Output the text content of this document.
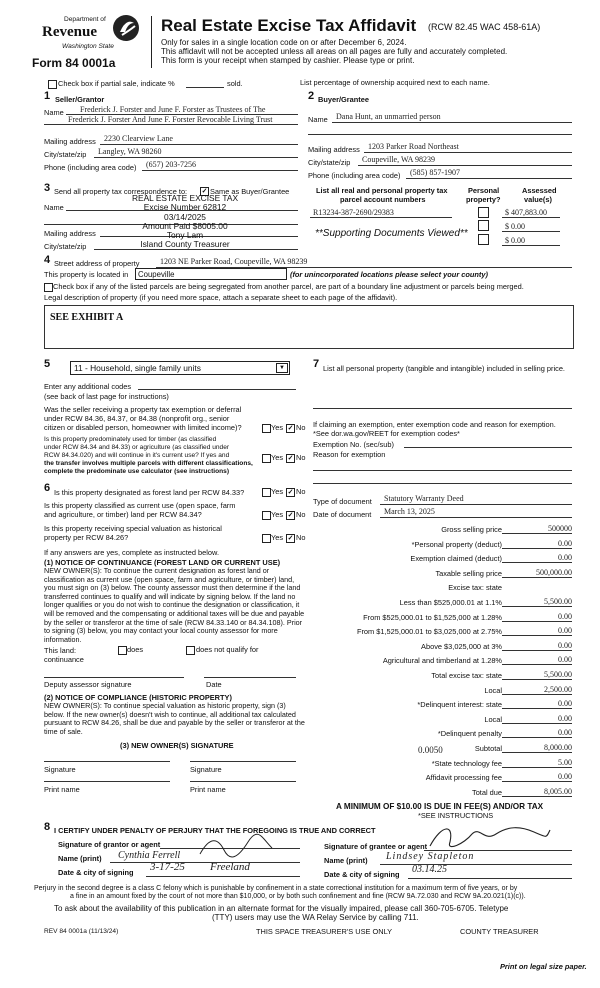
Department of
Revenue
Washington State
Form 84 0001a
Real Estate Excise Tax Affidavit (RCW 82.45 WAC 458-61A)
Only for sales in a single location code on or after December 6, 2024.
This affidavit will not be accepted unless all areas on all pages are fully and accurately completed.
This form is your receipt when stamped by cashier. Please type or print.
Check box if partial sale, indicate %	sold.	List percentage of ownership acquired next to each name.
1 Seller/Grantor
Name Frederick J. Forster and June F. Forster as Trustees of The
Frederick J. Forster And June F. Forster Revocable Living Trust
Mailing address 2230 Clearview Lane
City/state/zip Langley, WA 98260
Phone (including area code) (657) 203-7256
2 Buyer/Grantee
Name Dana Hunt, an unmarried person
Mailing address 1203 Parker Road Northeast
City/state/zip Coupeville, WA 98239
Phone (including area code) (585) 857-1907
3 Send all property tax correspondence to: ✓ Same as Buyer/Grantee
Name
Mailing address
City/state/zip
REAL ESTATE EXCISE TAX
Excise Number 62812
03/14/2025
Amount Paid $8005.00
Tony Lam
Island County Treasurer
List all real and personal property tax
parcel account numbers
Personal
property?
Assessed
value(s)
R13234-387-2690/29383	$ 407,883.00
**Supporting Documents Viewed**
$ 0.00
$ 0.00
4 Street address of property	1203 NE Parker Road, Coupeville, WA 98239
This property is located in Coupeville	(for unincorporated locations please select your county)
Check box if any of the listed parcels are being segregated from another parcel, are part of a boundary line adjustment or parcels being merged.
Legal description of property (if you need more space, attach a separate sheet to each page of the affidavit).
SEE EXHIBIT A
5	11 - Household, single family units	▼
Enter any additional codes
(see back of last page for instructions)
Was the seller receiving a property tax exemption or deferral
under RCW 84.36, 84.37, or 84.38 (nonprofit org., senior
citizen or disabled person, homeowner with limited income)?	Yes ✓ No
Is this property predominately used for timber (as classified
under RCW 84.34 and 84.33) or agriculture (as classified under
RCW 84.34.020) and will continue in it's current use? If yes and
the transfer involves multiple parcels with different classifications,
complete the predominate use calculator (see instructions)
Yes ✓ No
6 Is this property designated as forest land per RCW 84.33?	Yes ✓ No
Is this property classified as current use (open space, farm
and agriculture, or timber) land per RCW 84.34?	Yes ✓ No
Is this property receiving special valuation as historical
property per RCW 84.26?	Yes ✓ No
If any answers are yes, complete as instructed below.
(1) NOTICE OF CONTINUANCE (FOREST LAND OR CURRENT USE)
NEW OWNER(S): To continue the current designation as forest land or classification as current use (open space, farm and agriculture, or timber) land, you must sign on (3) below. The county assessor must then determine if the land transferred continues to qualify and will indicate by signing below. If the land no longer qualifies or you do not wish to continue the designation or classification, it will be removed and the compensating or additional taxes will be due and payable by the seller or transferor at the time of sale (RCW 84.33.140 or 84.34.108). Prior to signing (3) below, you may contact your local county assessor for more information.
This land:	does	does not qualify for
continuance
Deputy assessor signature	Date
(2) NOTICE OF COMPLIANCE (HISTORIC PROPERTY)
NEW OWNER(S): To continue special valuation as historic property, sign (3) below. If the new owner(s) doesn't wish to continue, all additional tax calculated pursuant to RCW 84.26, shall be due and payable by the seller or transferor at the time of sale.
(3) NEW OWNER(S) SIGNATURE
Signature	Signature
Print name	Print name
7 List all personal property (tangible and intangible) included in selling price.
If claiming an exemption, enter exemption code and reason for exemption. *See dor.wa.gov/REET for exemption codes*
Exemption No. (sec/sub)
Reason for exemption
Type of document Statutory Warranty Deed
Date of document March 13, 2025
Gross selling price	500000
*Personal property (deduct)	0.00
Exemption claimed (deduct)	0.00
Taxable selling price	500,000.00
Excise tax: state
Less than $525,000.01 at 1.1%	5,500.00
From $525,000.01 to $1,525,000 at 1.28%	0.00
From $1,525,000.01 to $3,025,000 at 2.75%	0.00
Above $3,025,000 at 3%	0.00
Agricultural and timberland at 1.28%	0.00
Total excise tax: state	5,500.00
Local	2,500.00
*Delinquent interest: state	0.00
Local	0.00
*Delinquent penalty	0.00
Subtotal	8,000.00
*State technology fee	5.00
Affidavit processing fee	0.00
Total due	8,005.00
0.0050
A MINIMUM OF $10.00 IS DUE IN FEE(S) AND/OR TAX
*SEE INSTRUCTIONS
8 I CERTIFY UNDER PENALTY OF PERJURY THAT THE FOREGOING IS TRUE AND CORRECT
Signature of grantor or agent
Name (print) Cynthia Ferrell
Date & city of signing 3-17-25 Freeland
Signature of grantee or agent
Name (print) Lindsey Stapleton
Date & city of signing 03.14.25
Perjury in the second degree is a class C felony which is punishable by confinement in a state correctional institution for a maximum term of five years, or by
a fine in an amount fixed by the court of not more than $10,000, or by both such confinement and fine (RCW 9A.72.030 and RCW 9A.20.021(1)(c)).
To ask about the availability of this publication in an alternate format for the visually impaired, please call 360-705-6705. Teletype
(TTY) users may use the WA Relay Service by calling 711.
REV 84 0001a (11/13/24)	THIS SPACE TREASURER'S USE ONLY	COUNTY TREASURER
Print on legal size paper.
